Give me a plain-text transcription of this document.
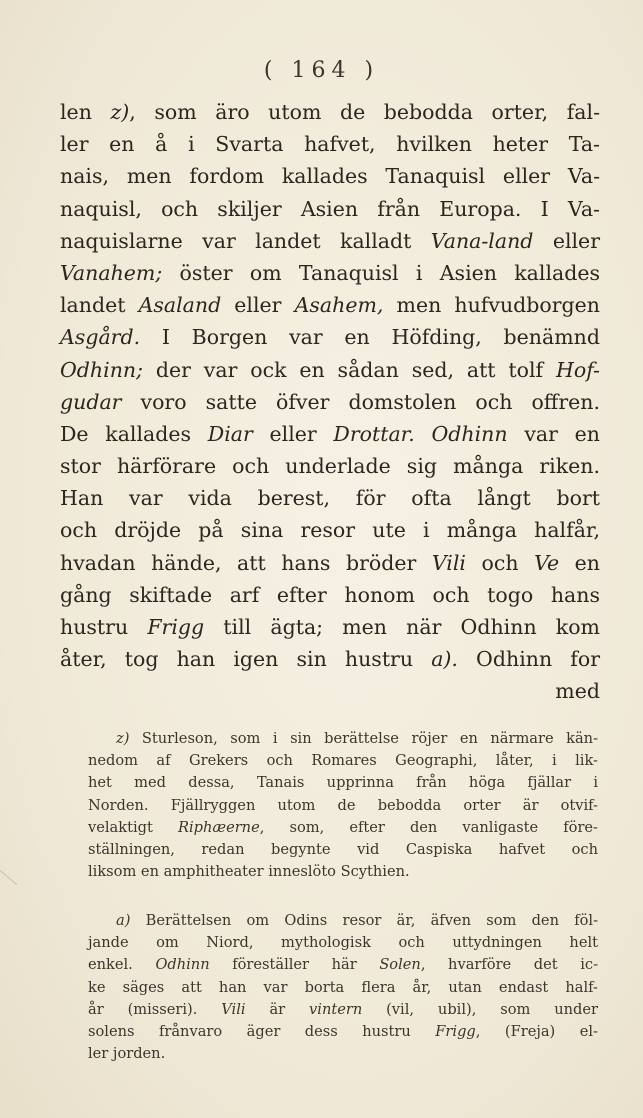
( 164 )
len z), som äro utom de bebodda orter, fal-
ler en å i Svarta hafvet, hvilken heter Ta-
nais, men fordom kallades Tanaquisl eller Va-
naquisl, och skiljer Asien från Europa. I Va-
naquislarne var landet kalladt Vana-land eller
Vanahem; öster om Tanaquisl i Asien kallades
landet Asaland eller Asahem, men hufvudborgen
Asgård. I Borgen var en Höfding, benämnd
Odhinn; der var ock en sådan sed, att tolf Hof-
gudar voro satte öfver domstolen och offren.
De kallades Diar eller Drottar. Odhinn var en
stor härförare och underlade sig många riken.
Han var vida berest, för ofta långt bort
och dröjde på sina resor ute i många halfår,
hvadan hände, att hans bröder Vili och Ve en
gång skiftade arf efter honom och togo hans
hustru Frigg till ägta; men när Odhinn kom
åter, tog han igen sin hustru a). Odhinn for
med
z) Sturleson, som i sin berättelse röjer en närmare kän-
nedom af Grekers och Romares Geographi, låter, i lik-
het med dessa, Tanais upprinna från höga fjällar i
Norden. Fjällryggen utom de bebodda orter är otvif-
velaktigt Riphæerne, som, efter den vanligaste före-
ställningen, redan begynte vid Caspiska hafvet och
liksom en amphitheater inneslöto Scythien.
a) Berättelsen om Odins resor är, äfven som den föl-
jande om Niord, mythologisk och uttydningen helt
enkel. Odhinn föreställer här Solen, hvarföre det ic-
ke säges att han var borta flera år, utan endast half-
år (misseri). Vili är vintern (vil, ubil), som under
solens frånvaro äger dess hustru Frigg, (Freja) el-
ler jorden.
